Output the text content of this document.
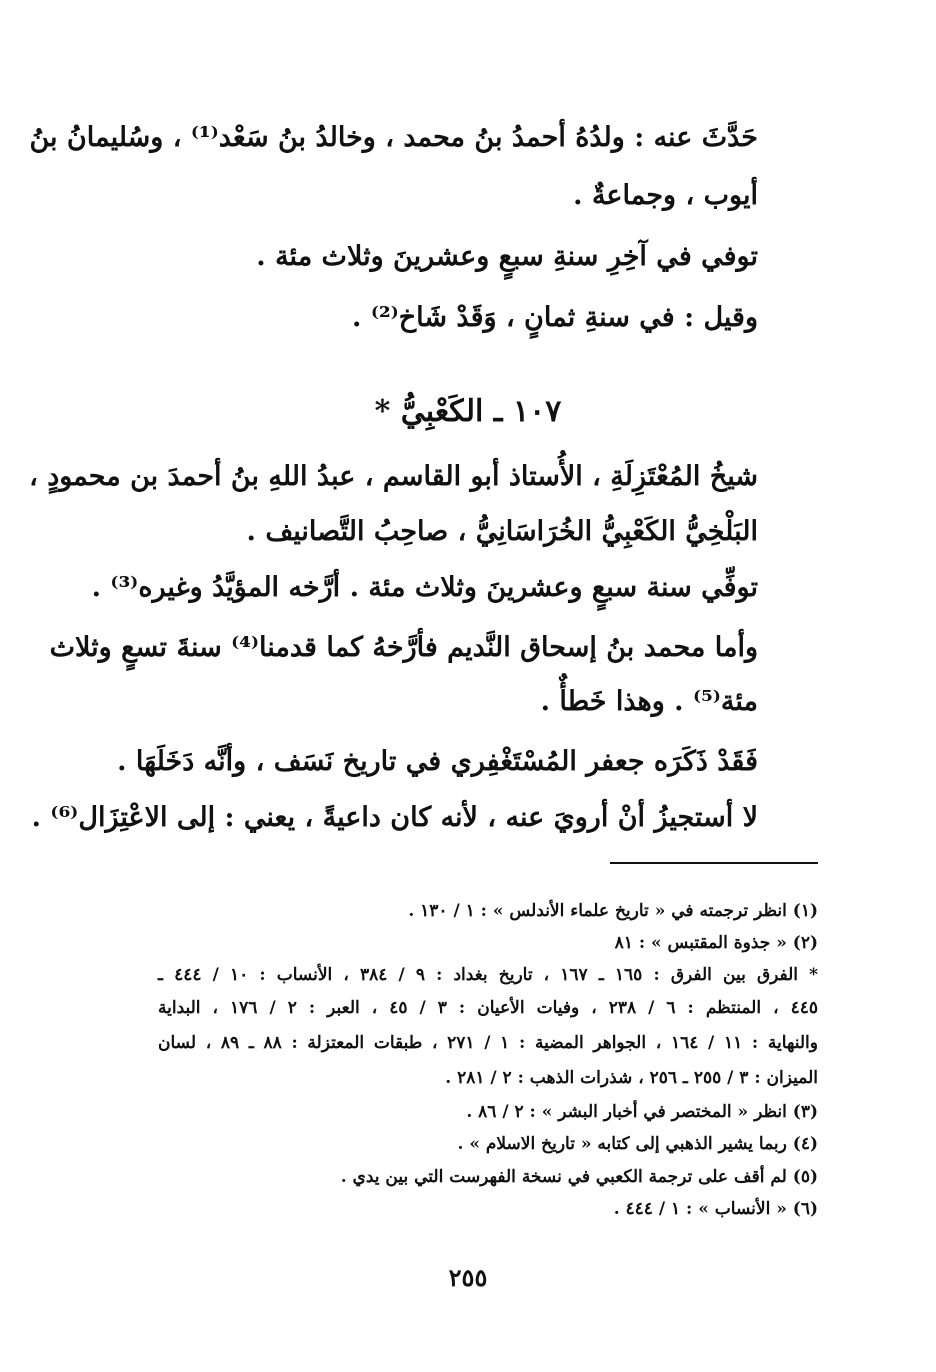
حَدَّثَ عنه : ولدُهُ أحمدُ بنُ محمد ، وخالدُ بنُ سَعْد⁽¹⁾ ، وسُليمانُ بنُ
أيوب ، وجماعةٌ .
توفي في آخِرِ سنةِ سبعٍ وعشرينَ وثلاث مئة .
وقيل : في سنةِ ثمانٍ ، وَقَدْ شَاخ⁽²⁾ .
١٠٧ ـ الكَعْبِيُّ *
شيخُ المُعْتَزِلَةِ ، الأُستاذ أبو القاسم ، عبدُ اللهِ بنُ أحمدَ بن محمودٍ ،
البَلْخِيُّ الكَعْبِيُّ الخُرَاسَانِيُّ ، صاحِبُ التَّصانيف .
توفِّي سنة سبعٍ وعشرينَ وثلاث مئة . أرَّخه المؤيَّدُ وغيره⁽³⁾ .
وأما محمد بنُ إسحاق النَّديم فأرَّخهُ كما قدمنا⁽⁴⁾ سنةَ تسعٍ وثلاث
مئة⁽⁵⁾ . وهذا خَطأٌ .
فَقَدْ ذَكَرَه جعفر المُسْتَغْفِري في تاريخ نَسَف ، وأنَّه دَخَلَهَا .
لا أستجيزُ أنْ أرويَ عنه ، لأنه كان داعيةً ، يعني : إلى الاعْتِزَال⁽⁶⁾ .
(١) انظر ترجمته في « تاريخ علماء الأندلس » : ١ / ١٣٠ .
(٢) « جذوة المقتبس » : ٨١
* الفرق بين الفرق : ١٦٥ ـ ١٦٧ ، تاريخ بغداد : ٩ / ٣٨٤ ، الأنساب : ١٠ / ٤٤٤ ـ
٤٤٥ ، المنتظم : ٦ / ٢٣٨ ، وفيات الأعيان : ٣ / ٤٥ ، العبر : ٢ / ١٧٦ ، البداية
والنهاية : ١١ / ١٦٤ ، الجواهر المضية : ١ / ٢٧١ ، طبقات المعتزلة : ٨٨ ـ ٨٩ ، لسان
الميزان : ٣ / ٢٥٥ ـ ٢٥٦ ، شذرات الذهب : ٢ / ٢٨١ .
(٣) انظر « المختصر في أخبار البشر » : ٢ / ٨٦ .
(٤) ربما يشير الذهبي إلى كتابه « تاريخ الاسلام » .
(٥) لم أقف على ترجمة الكعبي في نسخة الفهرست التي بين يدي .
(٦) « الأنساب » : ١ / ٤٤٤ .
٢٥٥
